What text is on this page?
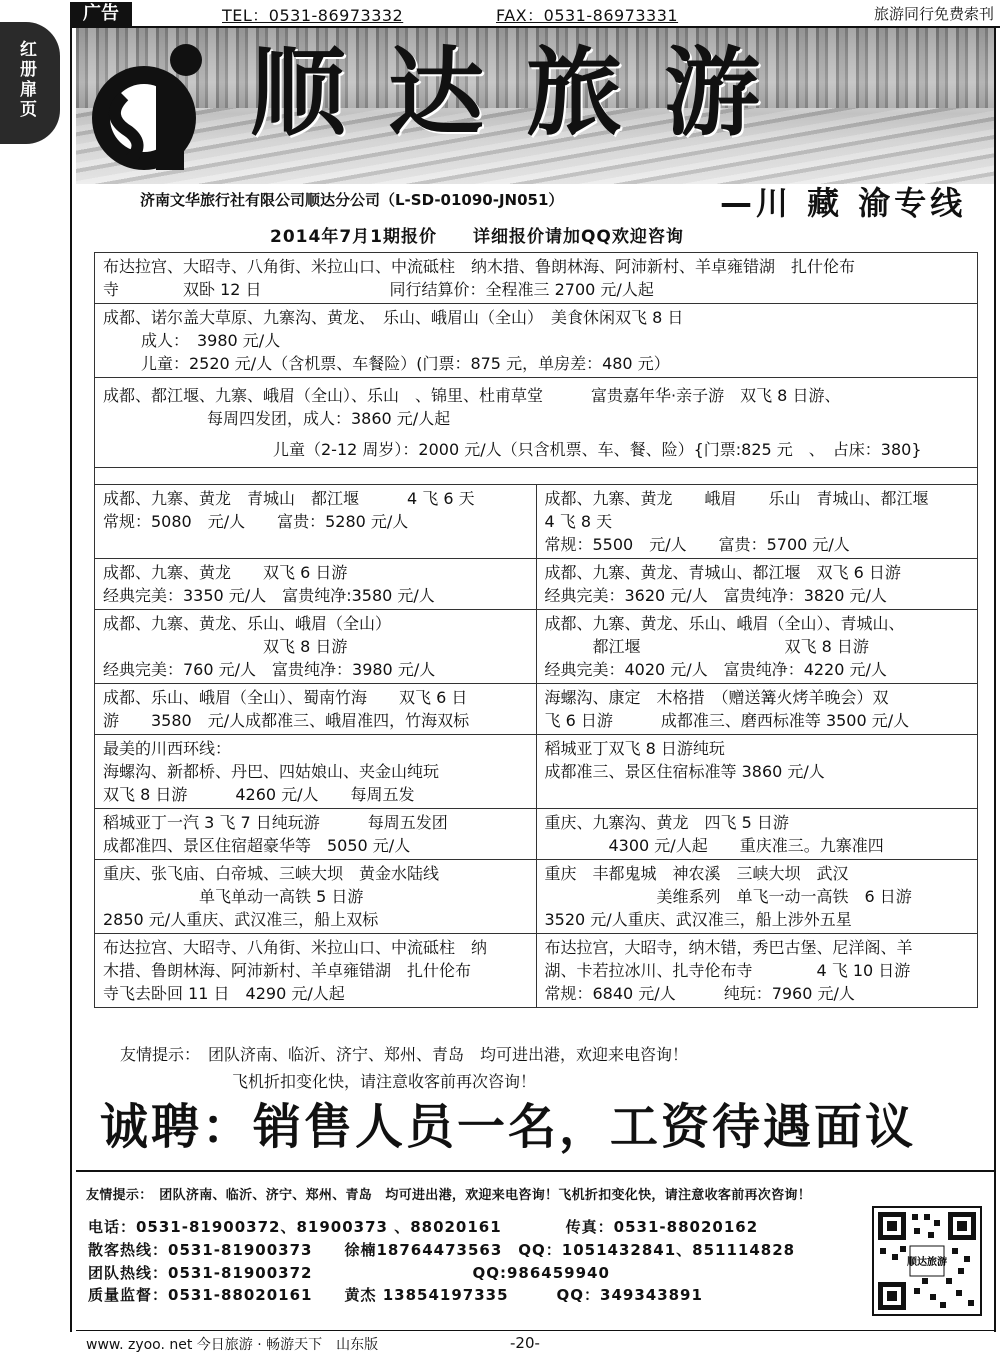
广告	TEL：0531-86973332	FAX：0531-86973331	旅游同行免费索刊
红册扉页 顺达旅游
济南文华旅行社有限公司顺达分公司（L-SD-01090-JN051）	—川 藏 渝专线
2014年7月1期报价　　详细报价请加QQ欢迎咨询
布达拉宫、大昭寺、八角街、米拉山口、中流砥柱　纳木措、鲁朗林海、阿沛新村、羊卓雍错湖　扎什伦布
寺　　　　双卧 12 日　　　　　　　　同行结算价：全程准三 2700 元/人起	

成都、诺尔盖大草原、九寨沟、黄龙、　乐山、峨眉山（全山）　美食休闲双飞 8 日
　成人：　3980 元/人
　儿童：2520 元/人（含机票、车餐险）(门票：875 元，单房差：480 元）	

成都、都江堰、九寨、峨眉（全山）、乐山　、锦里、杜甫草堂　　　富贵嘉年华·亲子游　双飞 8 日游、
　　　每周四发团，成人：3860 元/人起
　　　　　儿童（2-12 周岁）：2000 元/人（只含机票、车、餐、险）{门票:825 元　、　占床：380}	

成都、九寨、黄龙　青城山　都江堰　　　4 飞 6 天
常规：5080　元/人　　富贵：5280 元/人	成都、九寨、黄龙　　峨眉　　乐山　青城山、都江堰
4 飞 8 天
常规：5500　元/人　　富贵：5700 元/人

成都、九寨、黄龙　　双飞 6 日游
经典完美：3350 元/人　富贵纯净:3580 元/人	成都、九寨、黄龙、青城山、都江堰　双飞 6 日游
经典完美：3620 元/人　富贵纯净：3820 元/人

成都、九寨、黄龙、乐山、峨眉（全山）
　　　　　　　　　　双飞 8 日游
经典完美：760 元/人　富贵纯净：3980 元/人	成都、九寨、黄龙、乐山、峨眉（全山）、青城山、
　　　都江堰　　　　　　　　　双飞 8 日游
经典完美：4020 元/人　富贵纯净：4220 元/人

成都、乐山、峨眉（全山）、蜀南竹海　　双飞 6 日
游　　3580　元/人成都准三、峨眉准四，竹海双标	海螺沟、康定　木格措　（赠送篝火烤羊晚会）双
飞 6 日游　　　成都准三、磨西标准等 3500 元/人

最美的川西环线：
海螺沟、新都桥、丹巴、四姑娘山、夹金山纯玩
双飞 8 日游　　　4260 元/人　　每周五发	稻城亚丁双飞 8 日游纯玩
成都准三、景区住宿标准等 3860 元/人

稻城亚丁一汽 3 飞 7 日纯玩游　　　每周五发团
成都准四、景区住宿超豪华等　5050 元/人	重庆、九寨沟、黄龙　四飞 5 日游
　　　　4300 元/人起　　重庆准三。九寨准四

重庆、张飞庙、白帝城、三峡大坝　黄金水陆线
　　　　　　单飞单动一高铁 5 日游
2850 元/人重庆、武汉准三，船上双标	重庆　丰都鬼城　神农溪　三峡大坝　武汉
　　　　　　　美维系列　单飞一动一高铁　6 日游
3520 元/人重庆、武汉准三，船上涉外五星

布达拉宫、大昭寺、八角街、米拉山口、中流砥柱　纳
木措、鲁朗林海、阿沛新村、羊卓雍错湖　扎什伦布
寺飞去卧回 11 日　4290 元/人起	布达拉宫，大昭寺，纳木错，秀巴古堡、尼洋阁、羊
湖、卡若拉冰川、扎寺伦布寺　　　　4 飞 10 日游
常规：6840 元/人　　　纯玩：7960 元/人
友情提示：　团队济南、临沂、济宁、郑州、青岛　均可进出港，欢迎来电咨询！
飞机折扣变化快，请注意收客前再次咨询！
诚聘：销售人员一名，工资待遇面议
友情提示：　团队济南、临沂、济宁、郑州、青岛　均可进出港，欢迎来电咨询！飞机折扣变化快，请注意收客前再次咨询！
电话：0531-81900372、81900373 、88020161　　　　传真：0531-88020162
散客热线：0531-81900373　　徐楠18764473563　QQ：1051432841、851114828
团队热线：0531-81900372　　　　　　　　　　QQ:986459940
质量监督：0531-88020161　　黄杰 13854197335　　　QQ：349343891
顺达旅游
www. zyoo. net 今日旅游 · 畅游天下　山东版	-20-
